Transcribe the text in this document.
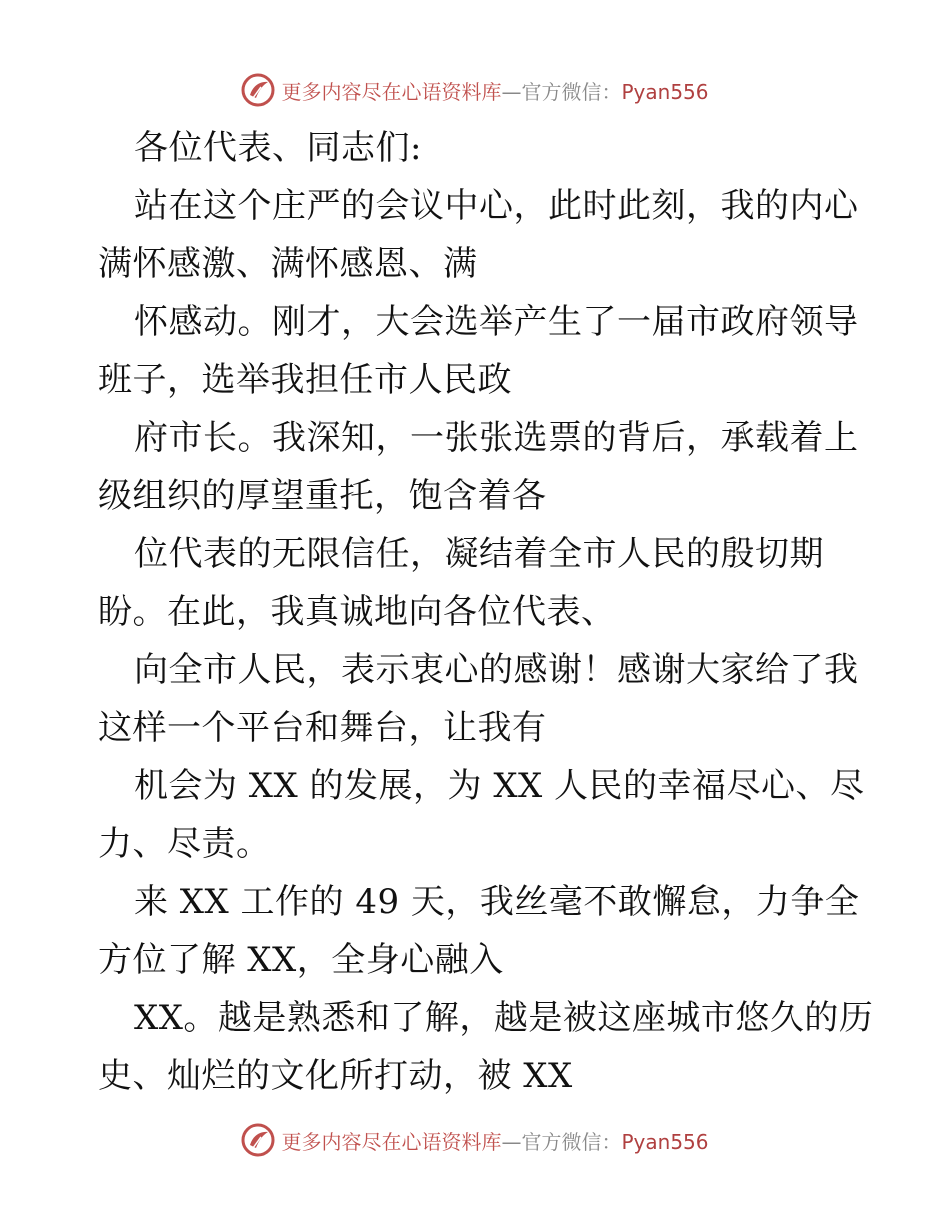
更多内容尽在心语资料库—官方微信：Pyan556
各位代表、同志们:
站在这个庄严的会议中心，此时此刻，我的内心
满怀感激、满怀感恩、满
怀感动。刚才，大会选举产生了一届市政府领导
班子，选举我担任市人民政
府市长。我深知，一张张选票的背后，承载着上
级组织的厚望重托，饱含着各
位代表的无限信任，凝结着全市人民的殷切期
盼。在此，我真诚地向各位代表、
向全市人民，表示衷心的感谢！感谢大家给了我
这样一个平台和舞台，让我有
机会为 XX 的发展，为 XX 人民的幸福尽心、尽
力、尽责。
来 XX 工作的 49 天，我丝毫不敢懈怠，力争全
方位了解 XX，全身心融入
XX。越是熟悉和了解，越是被这座城市悠久的历
史、灿烂的文化所打动，被 XX
更多内容尽在心语资料库—官方微信：Pyan556
